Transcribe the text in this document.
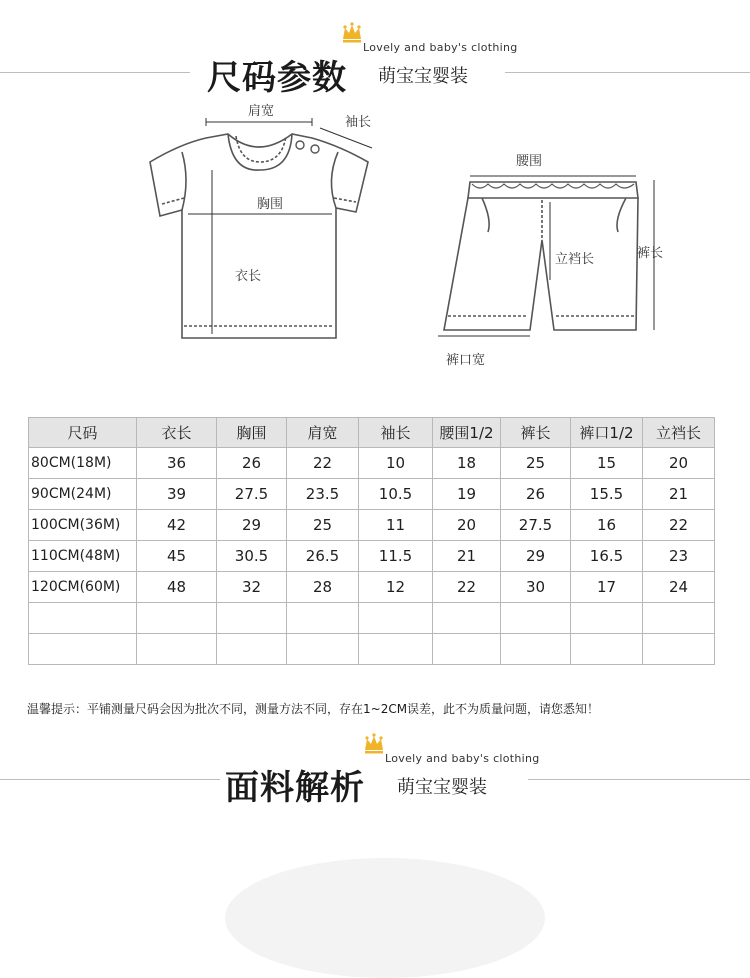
尺码参数
Lovely and baby's clothing
萌宝宝婴装
肩宽
袖长
胸围
衣长
腰围
立裆长	裤长
裤口宽
尺码	衣长	胸围	肩宽	袖长	腰围1/2	裤长	裤口1/2	立裆长
80CM(18M)	36	26	22	10	18	25	15	20
90CM(24M)	39	27.5	23.5	10.5	19	26	15.5	21
100CM(36M)	42	29	25	11	20	27.5	16	22
110CM(48M)	45	30.5	26.5	11.5	21	29	16.5	23
120CM(60M)	48	32	28	12	22	30	17	24

温馨提示：平铺测量尺码会因为批次不同，测量方法不同，存在1~2CM误差，此不为质量问题，请您悉知！
面料解析
Lovely and baby's clothing
萌宝宝婴装
